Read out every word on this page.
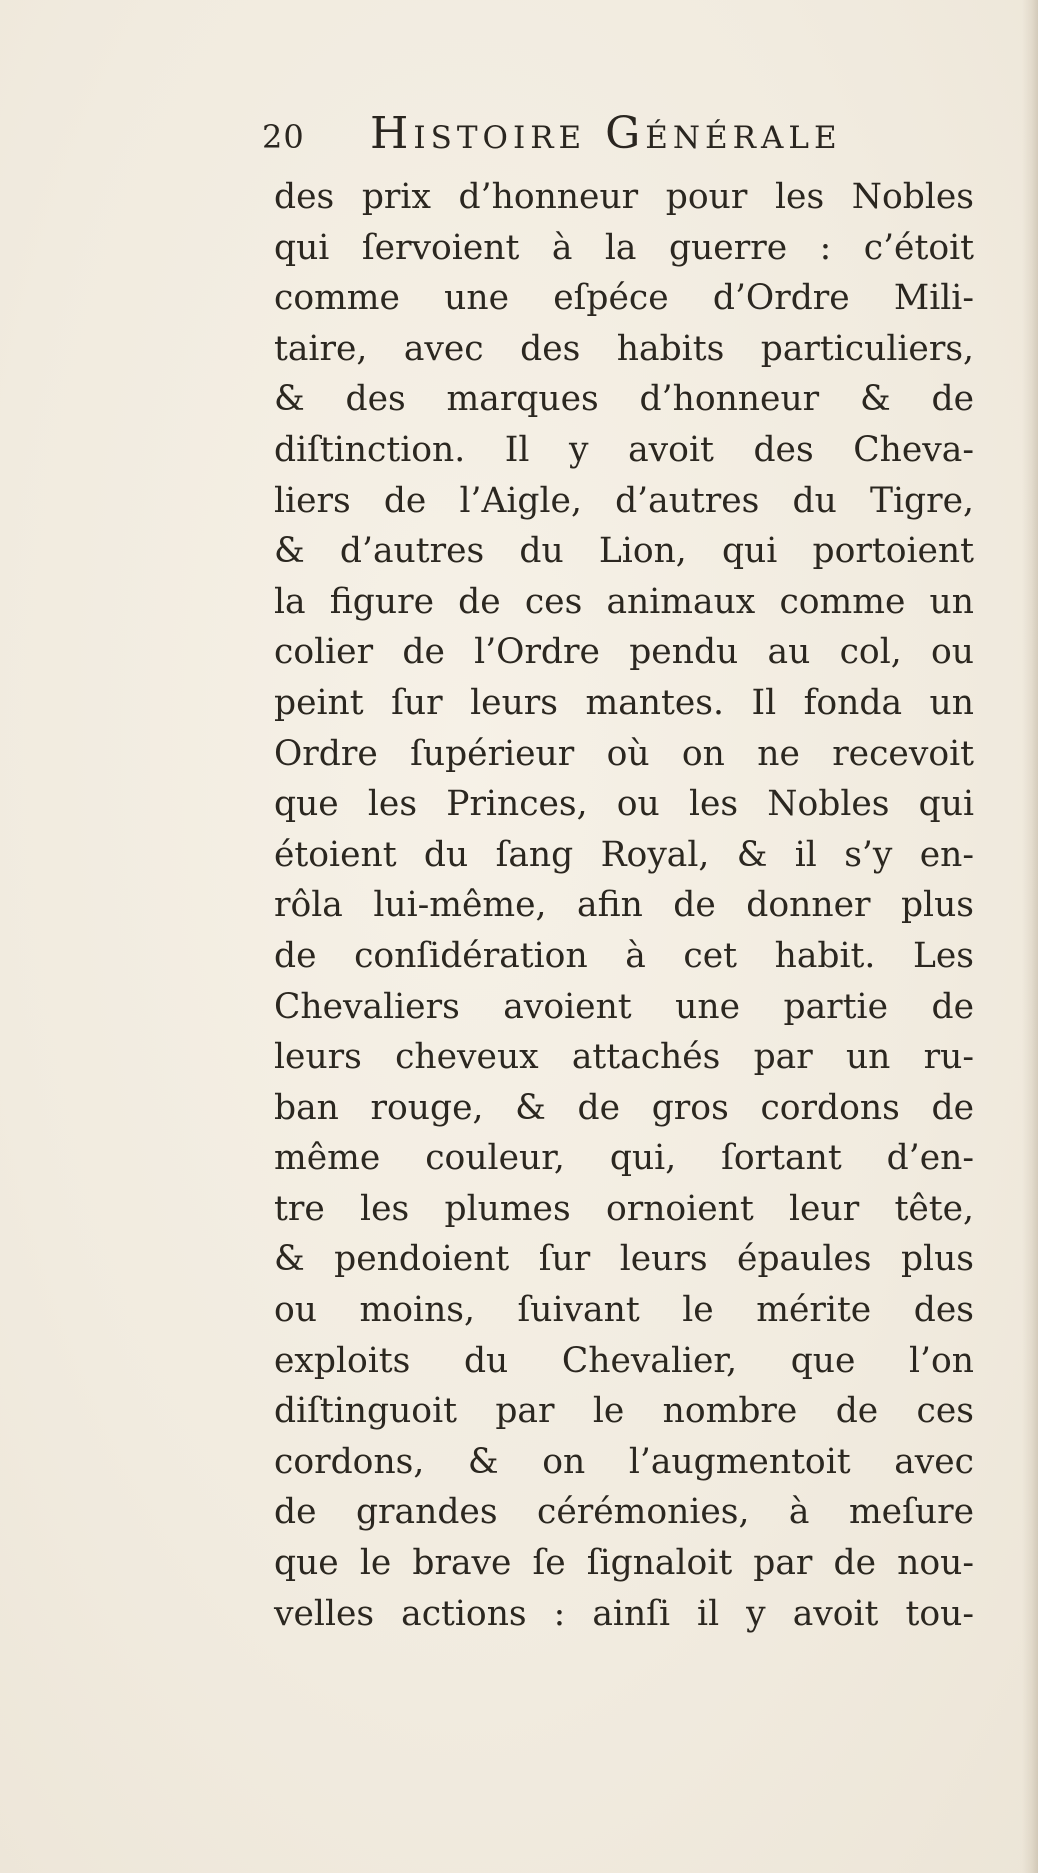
20 Histoire Générale
des prix d’honneur pour les Nobles
qui ſervoient à la guerre : c’étoit
comme une eſpéce d’Ordre Mili-
taire, avec des habits particuliers,
& des marques d’honneur & de
diſtinction. Il y avoit des Cheva-
liers de l’Aigle, d’autres du Tigre,
& d’autres du Lion, qui portoient
la figure de ces animaux comme un
colier de l’Ordre pendu au col, ou
peint ſur leurs mantes. Il fonda un
Ordre ſupérieur où on ne recevoit
que les Princes, ou les Nobles qui
étoient du ſang Royal, & il s’y en-
rôla lui-même, afin de donner plus
de conſidération à cet habit. Les
Chevaliers avoient une partie de
leurs cheveux attachés par un ru-
ban rouge, & de gros cordons de
même couleur, qui, ſortant d’en-
tre les plumes ornoient leur tête,
& pendoient ſur leurs épaules plus
ou moins, ſuivant le mérite des
exploits du Chevalier, que l’on
diſtinguoit par le nombre de ces
cordons, & on l’augmentoit avec
de grandes cérémonies, à meſure
que le brave ſe ſignaloit par de nou-
velles actions : ainſi il y avoit tou-
